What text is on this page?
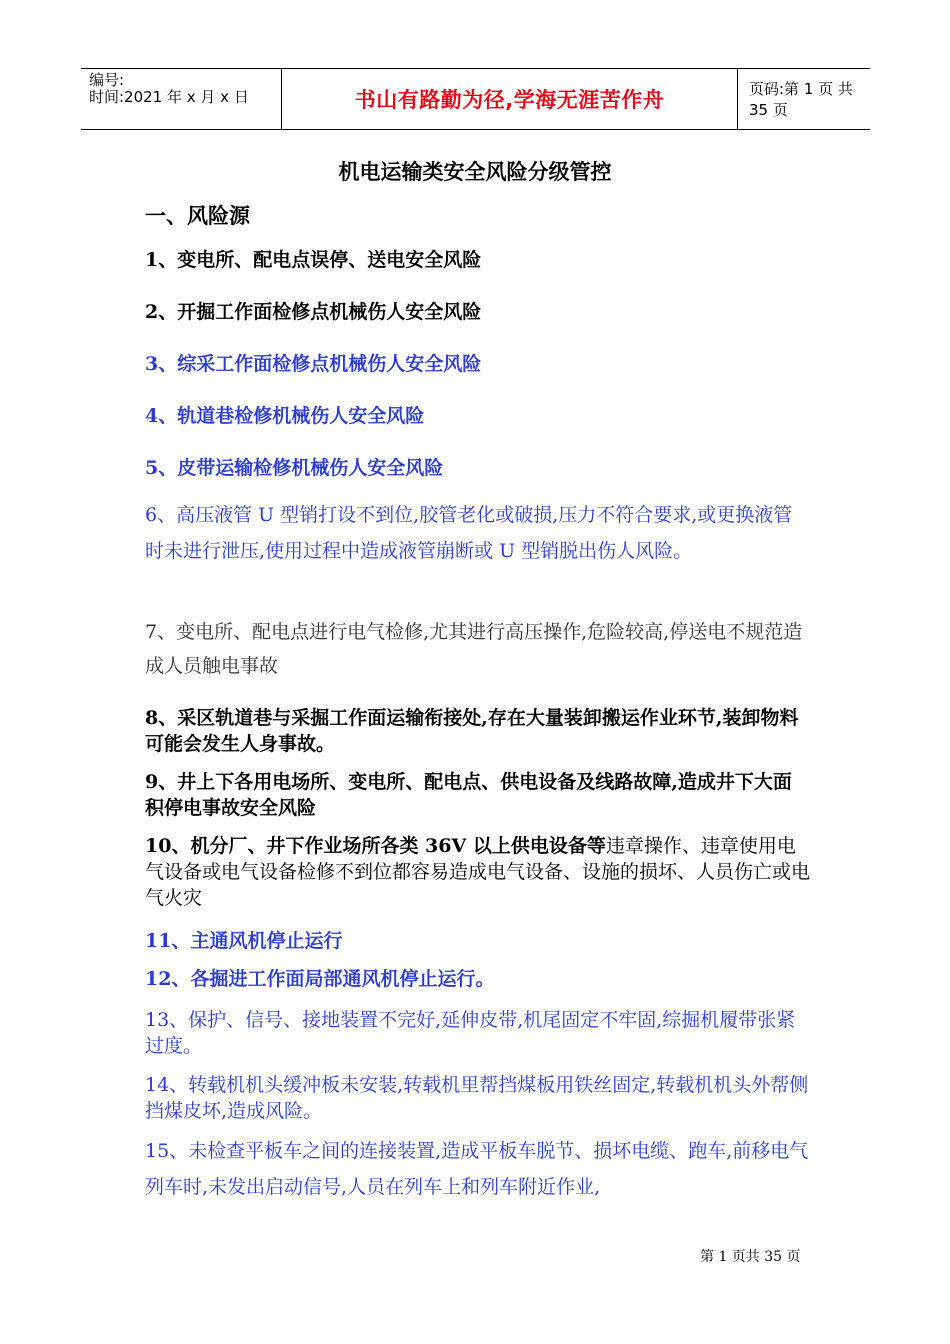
编号:
时间:2021 年 x 月 x 日	书山有路勤为径,学海无涯苦作舟	页码:第 1 页 共 35 页
机电运输类安全风险分级管控
一、风险源
1、变电所、配电点误停、送电安全风险
2、开掘工作面检修点机械伤人安全风险
3、综采工作面检修点机械伤人安全风险
4、轨道巷检修机械伤人安全风险
5、皮带运输检修机械伤人安全风险
6、高压液管 U 型销打设不到位,胶管老化或破损,压力不符合要求,或更换液管时未进行泄压,使用过程中造成液管崩断或 U 型销脱出伤人风险。
7、变电所、配电点进行电气检修,尤其进行高压操作,危险较高,停送电不规范造成人员触电事故
8、采区轨道巷与采掘工作面运输衔接处,存在大量装卸搬运作业环节,装卸物料可能会发生人身事故。
9、井上下各用电场所、变电所、配电点、供电设备及线路故障,造成井下大面积停电事故安全风险
10、机分厂、井下作业场所各类 36V 以上供电设备等违章操作、违章使用电气设备或电气设备检修不到位都容易造成电气设备、设施的损坏、人员伤亡或电气火灾
11、主通风机停止运行
12、各掘进工作面局部通风机停止运行。
13、保护、信号、接地装置不完好,延伸皮带,机尾固定不牢固,综掘机履带张紧过度。
14、转载机机头缓冲板未安装,转载机里帮挡煤板用铁丝固定,转载机机头外帮侧挡煤皮坏,造成风险。
15、未检查平板车之间的连接装置,造成平板车脱节、损坏电缆、跑车,前移电气列车时,未发出启动信号,人员在列车上和列车附近作业,
第 1 页共 35 页
